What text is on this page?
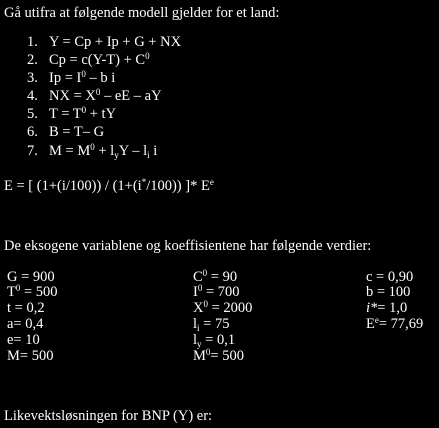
Gå utifra at følgende modell gjelder for et land:
1. Y = Cp + Ip + G + NX
2. $Cp = c(Y-T) + C^0$
3. $Ip = I^0 - b$ i
4. NX = $X^0$ – eE – aY
5. $T = T^0$ + tY
6. B = T– G
7. $M = M^0 + l_yY - l_i$ i
E = [ (1+(i/100)) / (1+(i*/100)) ]* $E^e$
De eksogene variablene og koeffisientene har følgende verdier:
G = 900
$T^0 = 500$
t = 0,2
a= 0,4
e= 10
M= 500
$C^0 = 90$
$I^0 = 700$
$X^0 = 2000$
$l_i = 75$
$l_y = 0,1$
$M^0= 500$
c = 0,90
b = 100
i*= 1,0
$E^e= 77,69$
Likevektsløsningen for BNP (Y) er:
